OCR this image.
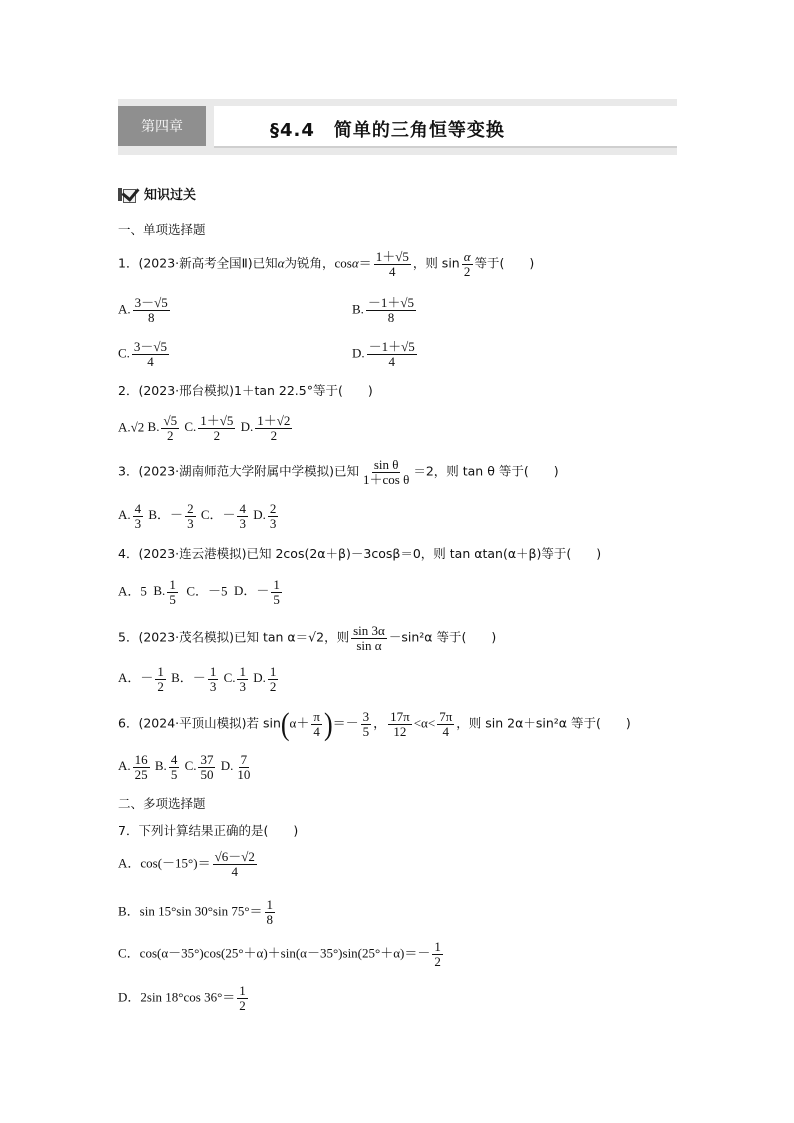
第四章	§4.4　简单的三角恒等变换
知识过关
一、单项选择题
1．(2023·新高考全国Ⅱ)已知α为锐角，$\cos\alpha= \frac{1+√5}{4}$ ，则 $\sin \frac{\alpha}{2}$ 等于(　　)
A. $\frac{3-√5}{8}$	B. $\frac{-1+√5}{8}$
C. $\frac{3-√5}{4}$	D. $\frac{-1+√5}{4}$
2．(2023·邢台模拟)1＋tan 22.5°等于(　　)
A.√2 B. $\frac{√5}{2} C$. $\frac{1+√5}{2} D$. $\frac{1+√2}{2}$
3．(2023·湖南师范大学附属中学模拟)已知 $\frac{\text{sin θ}}{\text{1＋cos θ}} =2$，则 tan θ 等于(　　)
A. $\frac{4}{3}$ B．－ $\frac{2}{3}$ C．－ $\frac{4}{3} D$. $\frac{2}{3}$
4．(2023·连云港模拟)已知 2cos(2α＋β)－3cosβ＝0，则 tan αtan(α＋β)等于(　　)
A．5 B. $\frac{1}{5}$ C．－5 D．－ $\frac{1}{5}$
5．(2023·茂名模拟)已知 tan α＝√2，则 $\frac{\sin 3\alpha}{\text{sin α}} -\sin^2\alpha$ 等于(　　)
A．－ $\frac{1}{2}$ B．－ $\frac{1}{3} C$. $\frac{1}{3} D$. $\frac{1}{2}$
6．(2024·平顶山模拟)若 $\sin(\alpha+ \frac{\pi}{4}$ )＝－ $\frac{3}{5}$ ， $\frac{17\pi}{12} <\alpha< \frac{7\pi}{4}$ ，则 sin 2α＋sin²α 等于(　　)
A. $\frac{16}{25} B$. $\frac{4}{5} C$. $\frac{37}{50} D$. $\frac{7}{10}$
二、多项选择题
7．下列计算结果正确的是(　　)
A．$\cos(-15^\circ)= \frac{√6-√2}{4}$
B．sin 15°sin 30°sin $75^\circ= \frac{1}{8}$
C．$\cos(\alpha-35^\circ)\cos(25^\circ+\alpha)+\sin(\alpha-35^\circ)\sin(25^\circ+\alpha)=- \frac{1}{2}$
D．2sin 18°cos $36^\circ= \frac{1}{2}$
